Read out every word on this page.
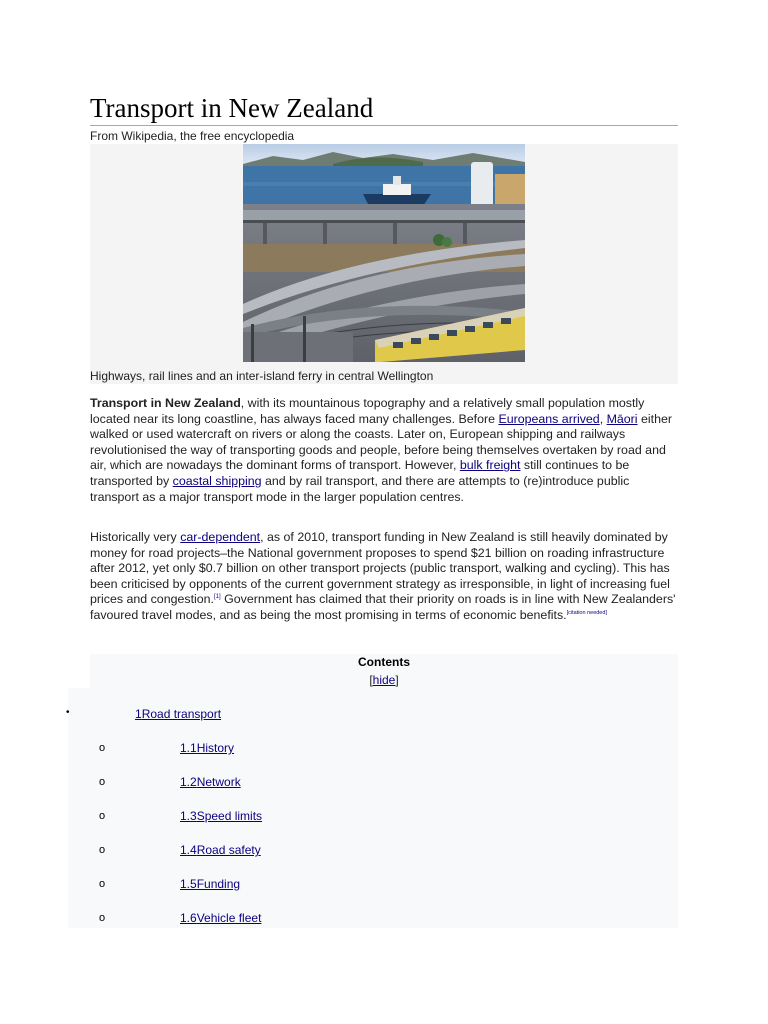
Transport in New Zealand
From Wikipedia, the free encyclopedia
Highways, rail lines and an inter-island ferry in central Wellington

Transport in New Zealand, with its mountainous topography and a relatively small population mostly located near its long coastline, has always faced many challenges. Before Europeans arrived, Māori either walked or used watercraft on rivers or along the coasts. Later on, European shipping and railways revolutionised the way of transporting goods and people, before being themselves overtaken by road and air, which are nowadays the dominant forms of transport. However, bulk freight still continues to be transported by coastal shipping and by rail transport, and there are attempts to (re)introduce public transport as a major transport mode in the larger population centres.

Historically very car-dependent, as of 2010, transport funding in New Zealand is still heavily dominated by money for road projects–the National government proposes to spend $21 billion on roading infrastructure after 2012, yet only $0.7 billion on other transport projects (public transport, walking and cycling). This has been criticised by opponents of the current government strategy as irresponsible, in light of increasing fuel prices and congestion.[1] Government has claimed that their priority on roads is in line with New Zealanders' favoured travel modes, and as being the most promising in terms of economic benefits.[citation needed]

Contents
[hide]
•	1Road transport
o	1.1History
o	1.2Network
o	1.3Speed limits
o	1.4Road safety
o	1.5Funding
o	1.6Vehicle fleet
